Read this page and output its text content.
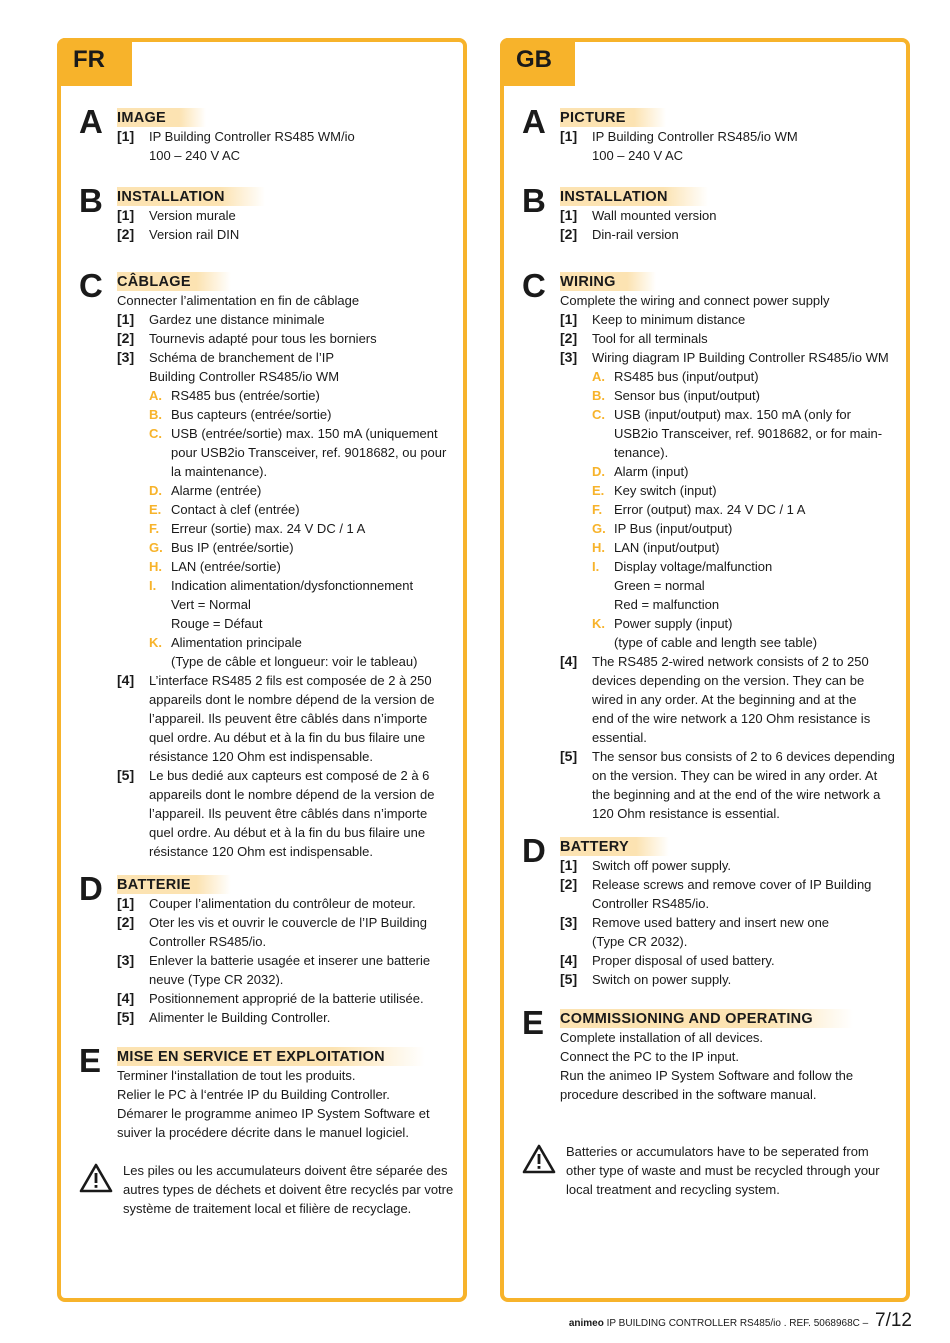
FR
A IMAGE
[1] IP Building Controller RS485 WM/io
100 – 240 V AC
B INSTALLATION
[1] Version murale
[2] Version rail DIN
C CÂBLAGE
Connecter l’alimentation en fin de câblage
[1] Gardez une distance minimale
[2] Tournevis adapté pour tous les borniers
[3] Schéma de branchement de l’IP
Building Controller RS485/io WM
A. RS485 bus (entrée/sortie)
B. Bus capteurs (entrée/sortie)
C. USB (entrée/sortie) max. 150 mA (uniquement
pour USB2io Transceiver, ref. 9018682, ou pour
la maintenance).
D. Alarme (entrée)
E. Contact à clef (entrée)
F. Erreur (sortie) max. 24 V DC / 1 A
G. Bus IP (entrée/sortie)
H. LAN (entrée/sortie)
I. Indication alimentation/dysfonctionnement
Vert = Normal
Rouge = Défaut
K. Alimentation principale
(Type de câble et longueur: voir le tableau)
[4] L’interface RS485 2 fils est composée de 2 à 250
appareils dont le nombre dépend de la version de
l’appareil. Ils peuvent être câblés dans n’importe
quel ordre. Au début et à la fin du bus filaire une
résistance 120 Ohm est indispensable.
[5] Le bus dedié aux capteurs est composé de 2 à 6
appareils dont le nombre dépend de la version de
l’appareil. Ils peuvent être câblés dans n’importe
quel ordre. Au début et à la fin du bus filaire une
résistance 120 Ohm est indispensable.
D BATTERIE
[1] Couper l’alimentation du contrôleur de moteur.
[2] Oter les vis et ouvrir le couvercle de l’IP Building
Controller RS485/io.
[3] Enlever la batterie usagée et inserer une batterie
neuve (Type CR 2032).
[4] Positionnement approprié de la batterie utilisée.
[5] Alimenter le Building Controller.
E MISE EN SERVICE ET EXPLOITATION
Terminer l‘installation de tout les produits.
Relier le PC à l‘entrée IP du Building Controller.
Démarer le programme animeo IP System Software et
suiver la procédere décrite dans le manuel logiciel.
Les piles ou les accumulateurs doivent être séparée des
autres types de déchets et doivent être recyclés par votre
système de traitement local et filière de recyclage.
GB
A PICTURE
[1] IP Building Controller RS485/io WM
100 – 240 V AC
B INSTALLATION
[1] Wall mounted version
[2] Din-rail version
C WIRING
Complete the wiring and connect power supply
[1] Keep to minimum distance
[2] Tool for all terminals
[3] Wiring diagram IP Building Controller RS485/io WM
A. RS485 bus (input/output)
B. Sensor bus (input/output)
C. USB (input/output) max. 150 mA (only for
USB2io Transceiver, ref. 9018682, or for main-
tenance).
D. Alarm (input)
E. Key switch (input)
F. Error (output) max. 24 V DC / 1 A
G. IP Bus (input/output)
H. LAN (input/output)
I. Display voltage/malfunction
Green = normal
Red = malfunction
K. Power supply (input)
(type of cable and length see table)
[4] The RS485 2-wired network consists of 2 to 250
devices depending on the version. They can be
wired in any order. At the beginning and at the
end of the wire network a 120 Ohm resistance is
essential.
[5] The sensor bus consists of 2 to 6 devices depending
on the version. They can be wired in any order. At
the beginning and at the end of the wire network a
120 Ohm resistance is essential.
D BATTERY
[1] Switch off power supply.
[2] Release screws and remove cover of IP Building
Controller RS485/io.
[3] Remove used battery and insert new one
(Type CR 2032).
[4] Proper disposal of used battery.
[5] Switch on power supply.
E COMMISSIONING AND OPERATING
Complete installation of all devices.
Connect the PC to the IP input.
Run the animeo IP System Software and follow the
procedure described in the software manual.
Batteries or accumulators have to be seperated from
other type of waste and must be recycled through your
local treatment and recycling system.
animeo IP BUILDING CONTROLLER RS485/io . REF. 5068968C – 7/12
